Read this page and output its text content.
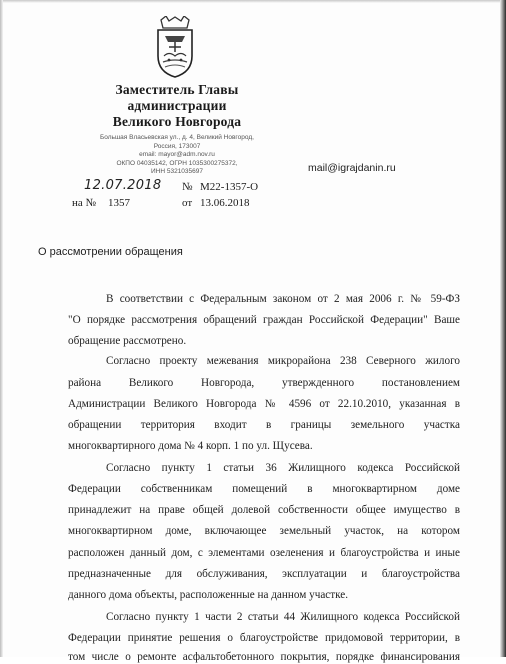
Заместитель Главы
администрации
Великого Новгорода
Большая Власьевская ул., д. 4, Великий Новгород,
Россия, 173007
email: mayor@adm.nov.ru
ОКПО 04035142, ОГРН 1035300275372,
ИНН 5321035697
12.07.2018 № М22-1357-О
на № 1357	от 13.06.2018
mail@igrajdanin.ru
О рассмотрении обращения
В соответствии с Федеральным законом от 2 мая 2006 г. № 59-ФЗ
"О порядке рассмотрения обращений граждан Российской Федерации" Ваше
обращение рассмотрено.
Согласно проекту межевания микрорайона 238 Северного жилого
района Великого Новгорода, утвержденного постановлением
Администрации Великого Новгорода № 4596 от 22.10.2010, указанная в
обращении территория входит в границы земельного участка
многоквартирного дома № 4 корп. 1 по ул. Щусева.
Согласно пункту 1 статьи 36 Жилищного кодекса Российской
Федерации собственникам помещений в многоквартирном доме
принадлежит на праве общей долевой собственности общее имущество в
многоквартирном доме, включающее земельный участок, на котором
расположен данный дом, с элементами озеленения и благоустройства и иные
предназначенные для обслуживания, эксплуатации и благоустройства
данного дома объекты, расположенные на данном участке.
Согласно пункту 1 части 2 статьи 44 Жилищного кодекса Российской
Федерации принятие решения о благоустройстве придомовой территории, в
том числе о ремонте асфальтобетонного покрытия, порядке финансирования
